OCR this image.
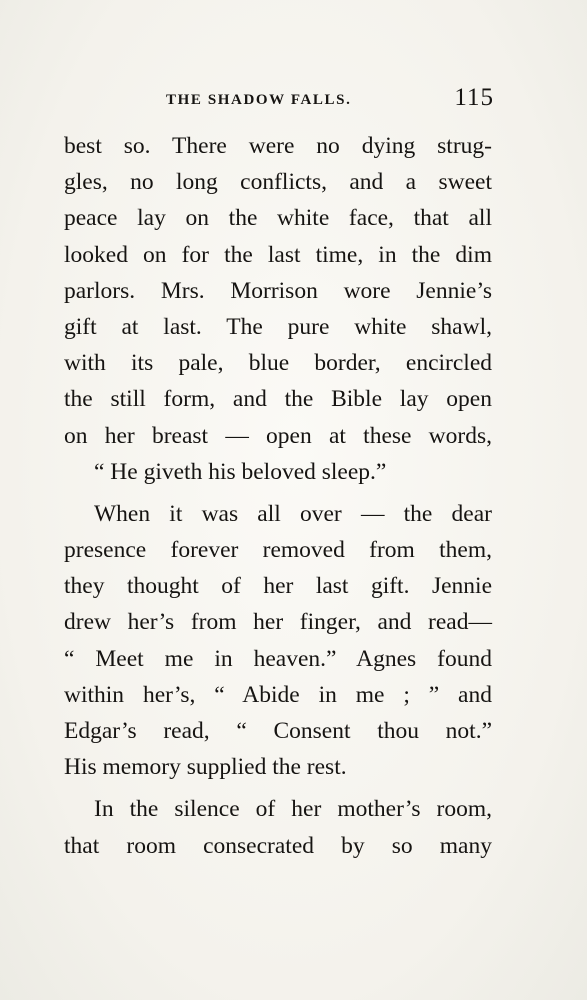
THE SHADOW FALLS.	115
best so. There were no dying strug-
gles, no long conflicts, and a sweet
peace lay on the white face, that all
looked on for the last time, in the dim
parlors. Mrs. Morrison wore Jennie’s
gift at last. The pure white shawl,
with its pale, blue border, encircled
the still form, and the Bible lay open
on her breast — open at these words,
“ He giveth his beloved sleep.”
When it was all over — the dear
presence forever removed from them,
they thought of her last gift. Jennie
drew her’s from her finger, and read—
“ Meet me in heaven.” Agnes found
within her’s, “ Abide in me ; ” and
Edgar’s read, “ Consent thou not.”
His memory supplied the rest.
In the silence of her mother’s room,
that room consecrated by so many
